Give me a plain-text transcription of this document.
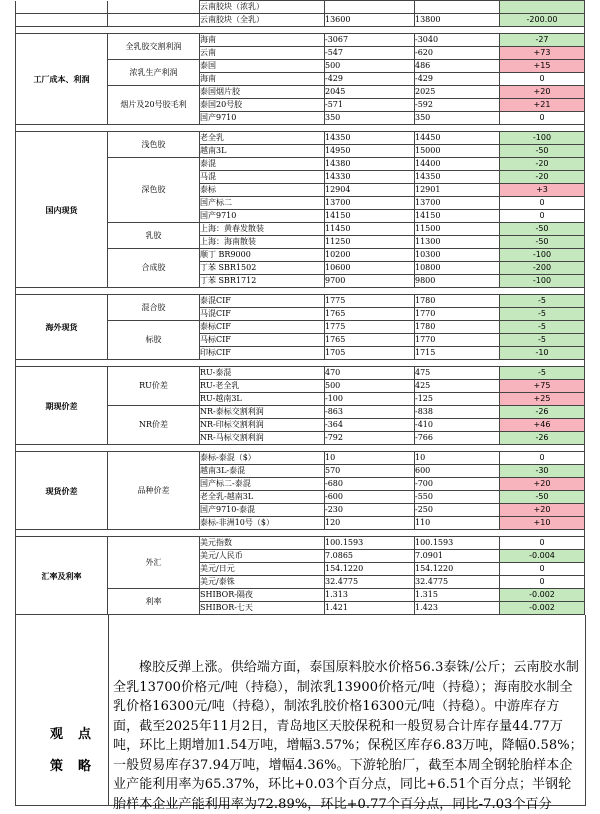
		云南胶块（浓乳）			
		云南胶块（全乳）	13600	13800	-200.00

工厂成本、利润	全乳胶交割利润	海南	-3067	-3040	-27
		云南	-547	-620	+73
	浓乳生产利润	泰国	500	486	+15
		海南	-429	-429	0
	烟片及20号胶毛利	泰国烟片胶	2045	2025	+20
		泰国20号胶	-571	-592	+21
		国产9710	350	350	0

国内现货	浅色胶	老全乳	14350	14450	-100
		越南3L	14950	15000	-50
	深色胶	泰混	14380	14400	-20
		马混	14330	14350	-20
		泰标	12904	12901	+3
		国产标二	13700	13700	0
		国产9710	14150	14150	0
	乳胶	上海：黄春发散装	11450	11500	-50
		上海：海南散装	11250	11300	-50
	合成胶	顺丁 BR9000	10200	10300	-100
		丁苯 SBR1502	10600	10800	-200
		丁苯 SBR1712	9700	9800	-100

海外现货	混合胶	泰混CIF	1775	1780	-5
		马混CIF	1765	1770	-5
	标胶	泰标CIF	1775	1780	-5
		马标CIF	1765	1770	-5
		印标CIF	1705	1715	-10

期现价差	RU价差	RU-泰混	470	475	-5
		RU-老全乳	500	425	+75
		RU-越南3L	-100	-125	+25
	NR价差	NR-泰标交割利润	-863	-838	-26
		NR-印标交割利润	-364	-410	+46
		NR-马标交割利润	-792	-766	-26

现货价差	品种价差	泰标-泰混（$）	10	10	0
		越南3L-泰混	570	600	-30
		国产标二-泰混	-680	-700	+20
		老全乳-越南3L	-600	-550	-50
		国产9710-泰混	-230	-250	+20
		泰标-非洲10号（$）	120	110	+10

汇率及利率	外汇	美元指数	100.1593	100.1593	0
		美元/人民币	7.0865	7.0901	-0.004
		美元/日元	154.1220	154.1220	0
		美元/泰铢	32.4775	32.4775	0
	利率	SHIBOR-隔夜	1.313	1.315	-0.002
		SHIBOR-七天	1.421	1.423	-0.002
观 点
策 略
橡胶反弹上涨。供给端方面，泰国原料胶水价格56.3泰铢/公斤；云南胶水制全乳13700价格元/吨（持稳），制浓乳13900价格元/吨（持稳）；海南胶水制全乳价格16300元/吨（持稳），制浓乳胶价格16300元/吨（持稳）。中游库存方面，截至2025年11月2日，青岛地区天胶保税和一般贸易合计库存量44.77万吨，环比上期增加1.54万吨，增幅3.57%；保税区库存6.83万吨，降幅0.58%；一般贸易库存37.94万吨，增幅4.36%。下游轮胎厂，截至本周全钢轮胎样本企业产能利用率为65.37%，环比+0.03个百分点，同比+6.51个百分点；半钢轮胎样本企业产能利用率为72.89%，环比+0.77个百分点，同比-7.03个百分
